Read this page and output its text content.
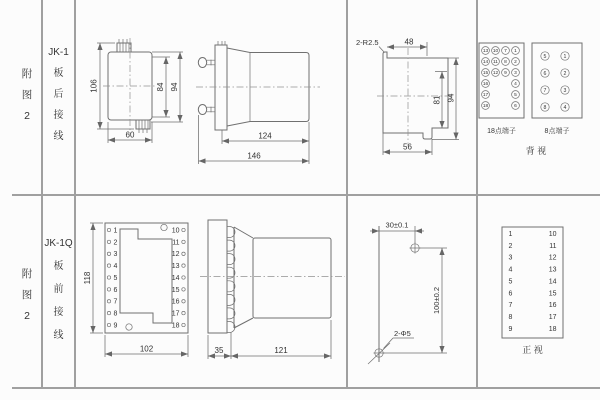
附
图
2
JK-1
板
后
接
线
附
图
2
JK-1Q
板
前
接
线
106	84 94
60	124
146
2-R2.5	48
81 94
56
13 10 7 1
14 11 8 2
15 12 9 3
16	4
17	5
18	6
18点端子
5	1
6	2
7	3
8	4
8点端子
背 视
1
2
3
4
5
6
7
8
9
10
11
12
13
14
15
16
17
18
118
102	35	121
30±0.1
100±0.2
2-Φ5
1
2
3
4
5
6
7
8
9
10
11
12
13
14
15
16
17
18
正 视
